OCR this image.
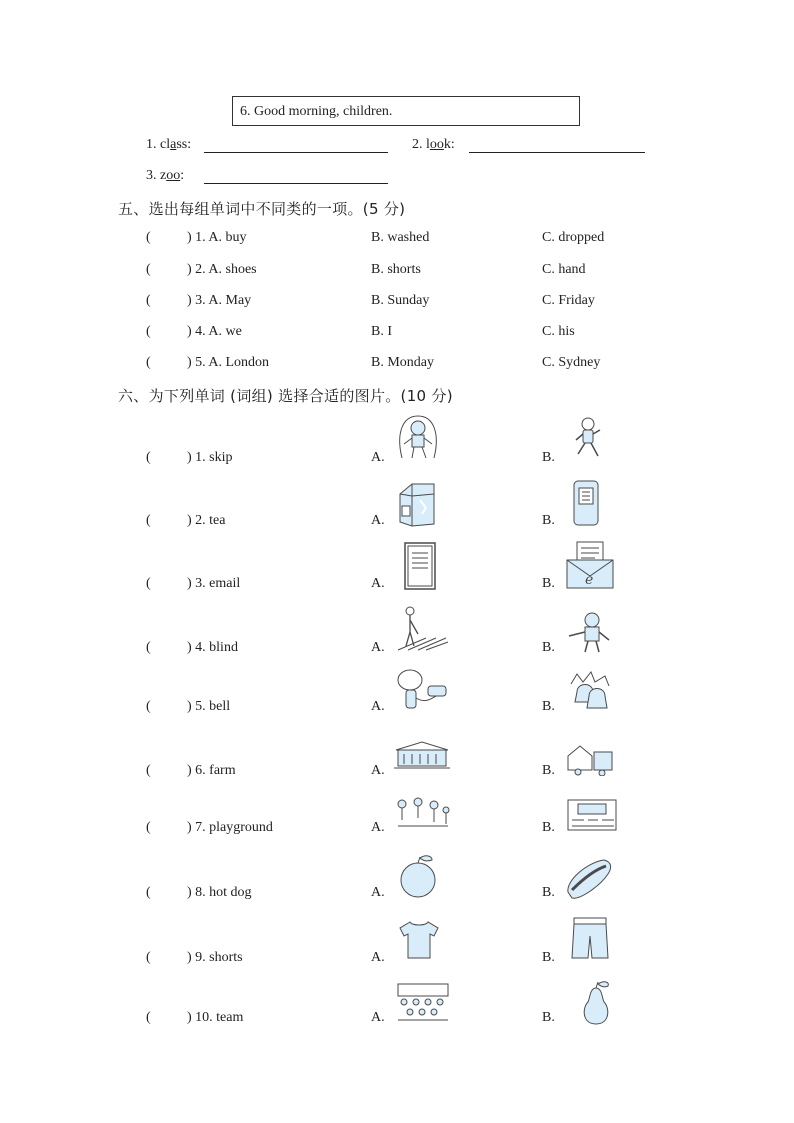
6. Good morning, children.
1. class:	2. look:
3. zoo:
五、选出每组单词中不同类的一项。(5 分)
(	) 1. A. buy	B. washed	C. dropped
(	) 2. A. shoes	B. shorts	C. hand
(	) 3. A. May	B. Sunday	C. Friday
(	) 4. A. we	B. I	C. his
(	) 5. A. London	B. Monday	C. Sydney
六、为下列单词 (词组) 选择合适的图片。(10 分)
(	) 1. skip	A.	B.
(	) 2. tea	A.	B.
(	) 3. email	A.	B.
(	) 4. blind	A.	B.
(	) 5. bell	A.	B.
(	) 6. farm	A.	B.
(	) 7. playground	A.	B.
(	) 8. hot dog	A.	B.
(	) 9. shorts	A.	B.
(	) 10. team	A.	B.
e
